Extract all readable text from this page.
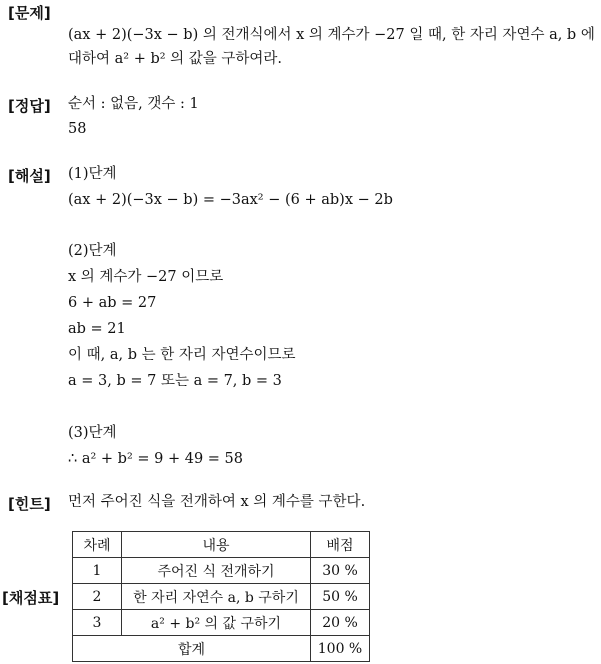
[문제]
(ax + 2)(−3x − b) 의 전개식에서 x 의 계수가 −27 일 때, 한 자리 자연수 a, b 에
대하여 a² + b² 의 값을 구하여라.
[정답] 순서 : 없음, 갯수 : 1
58
[해설] (1)단계
(ax + 2)(−3x − b) = −3ax² − (6 + ab)x − 2b
(2)단계
x 의 계수가 −27 이므로
6 + ab = 27
ab = 21
이 때, a, b 는 한 자리 자연수이므로
a = 3, b = 7 또는 a = 7, b = 3
(3)단계
∴ a² + b² = 9 + 49 = 58
[힌트] 먼저 주어진 식을 전개하여 x 의 계수를 구한다.
[채점표]
차례	내용	배점
1	주어진 식 전개하기	30 %
2	한 자리 자연수 a, b 구하기	50 %
3	a² + b² 의 값 구하기	20 %
합계		100 %
